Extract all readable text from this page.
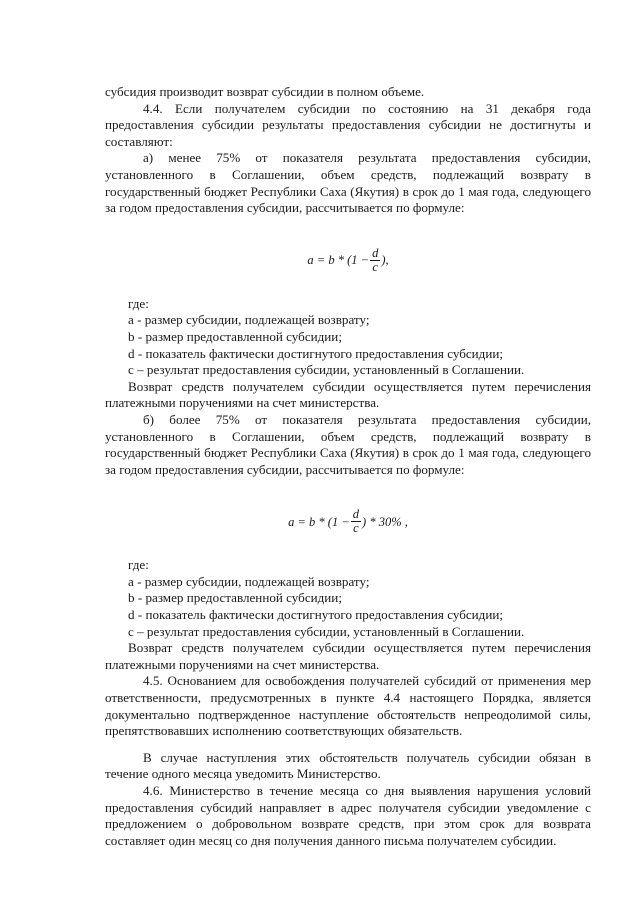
субсидия производит возврат субсидии в полном объеме.

4.4. Если получателем субсидии по состоянию на 31 декабря года предоставления субсидии результаты предоставления субсидии не достигнуты и составляют:

а) менее 75% от показателя результата предоставления субсидии, установленного в Соглашении, объем средств, подлежащий возврату в государственный бюджет Республики Саха (Якутия) в срок до 1 мая года, следующего за годом предоставления субсидии, рассчитывается по формуле:

$a = b * (1 - \frac{d}{c}$ ),

где:

а - размер субсидии, подлежащей возврату;
b - размер предоставленной субсидии;
d - показатель фактически достигнутого предоставления субсидии;
с – результат предоставления субсидии, установленный в Соглашении.

Возврат средств получателем субсидии осуществляется путем перечисления платежными поручениями на счет министерства.

б) более 75% от показателя результата предоставления субсидии, установленного в Соглашении, объем средств, подлежащий возврату в государственный бюджет Республики Саха (Якутия) в срок до 1 мая года, следующего за годом предоставления субсидии, рассчитывается по формуле:

$a = b * (1 - \frac{d}{c}$ ) * 30% ,

где:

а - размер субсидии, подлежащей возврату;
b - размер предоставленной субсидии;
d - показатель фактически достигнутого предоставления субсидии;
с – результат предоставления субсидии, установленный в Соглашении.

Возврат средств получателем субсидии осуществляется путем перечисления платежными поручениями на счет министерства.

4.5. Основанием для освобождения получателей субсидий от применения мер ответственности, предусмотренных в пункте 4.4 настоящего Порядка, является документально подтвержденное наступление обстоятельств непреодолимой силы, препятствовавших исполнению соответствующих обязательств.

В случае наступления этих обстоятельств получатель субсидии обязан в течение одного месяца уведомить Министерство.

4.6. Министерство в течение месяца со дня выявления нарушения условий предоставления субсидий направляет в адрес получателя субсидии уведомление с предложением о добровольном возврате средств, при этом срок для возврата составляет один месяц со дня получения данного письма получателем субсидии.
